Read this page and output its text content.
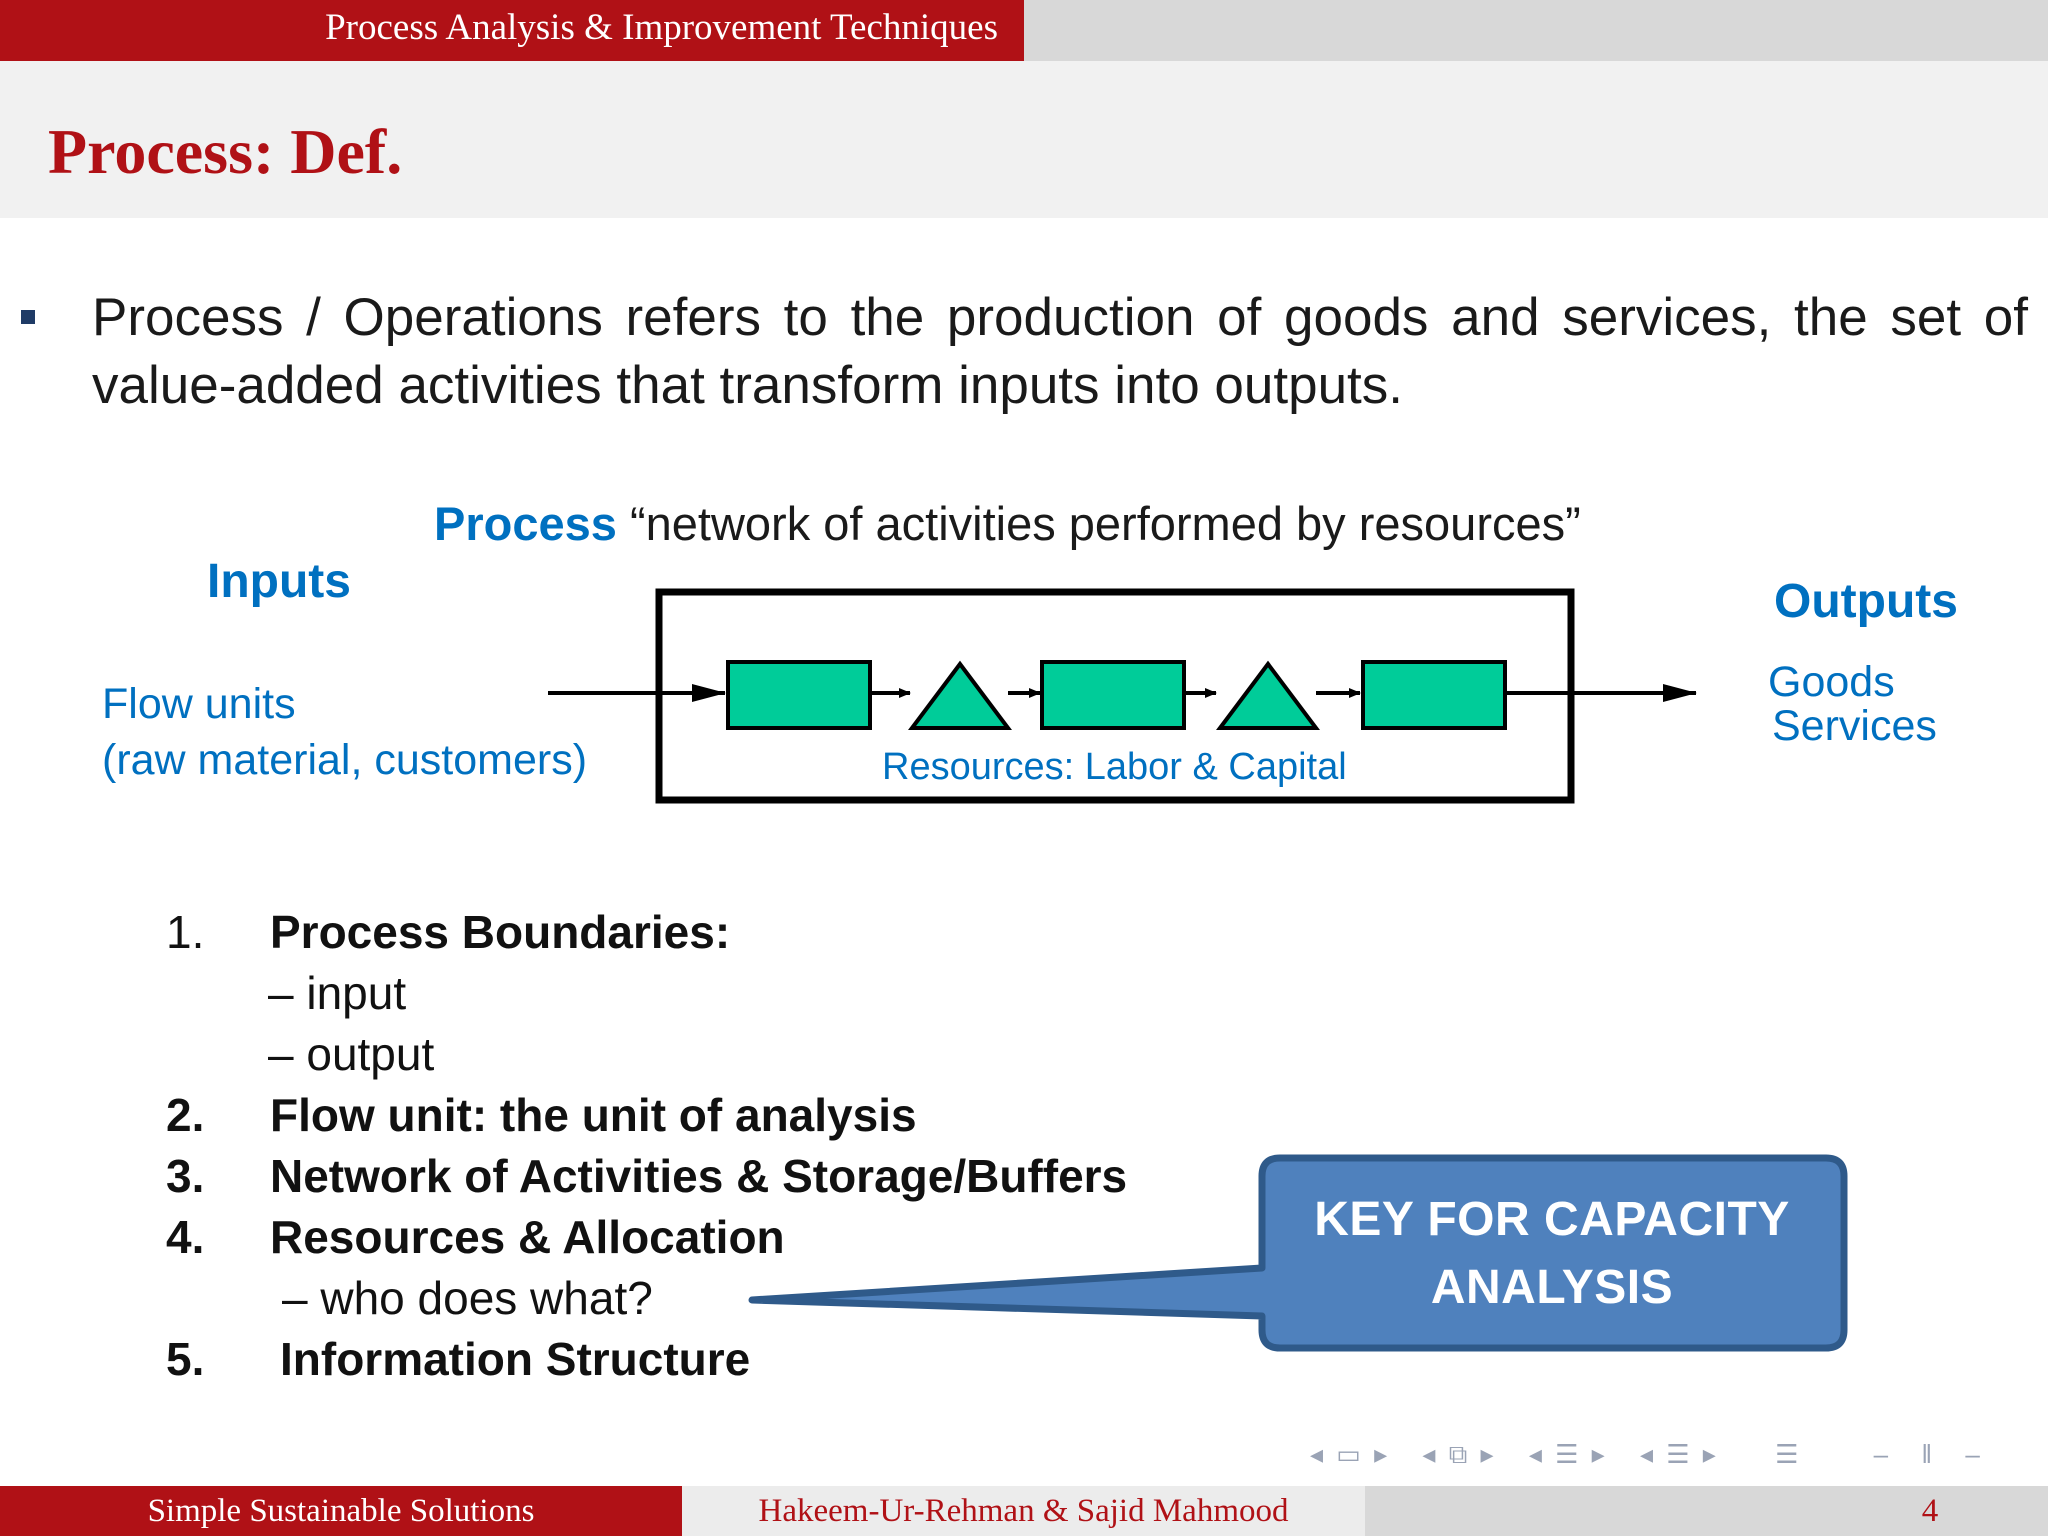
Process Analysis & Improvement Techniques
Process: Def.
Process / Operations refers to the production of goods and services, the set of value-added activities that transform inputs into outputs.
Process “network of activities performed by resources”
Inputs	Outputs
Flow units
(raw material, customers)
Goods
Services
Resources: Labor & Capital
1. Process Boundaries:
– input
– output
2. Flow unit: the unit of analysis
3. Network of Activities & Storage/Buffers
4. Resources & Allocation
– who does what?
5. Information Structure
KEY FOR CAPACITY
ANALYSIS
◂ ▭ ▸ ◂ ⧉ ▸ ◂ ☰ ▸ ◂ ☰ ▸ ☰	– ǁ –
Simple Sustainable Solutions	Hakeem-Ur-Rehman & Sajid Mahmood	4
